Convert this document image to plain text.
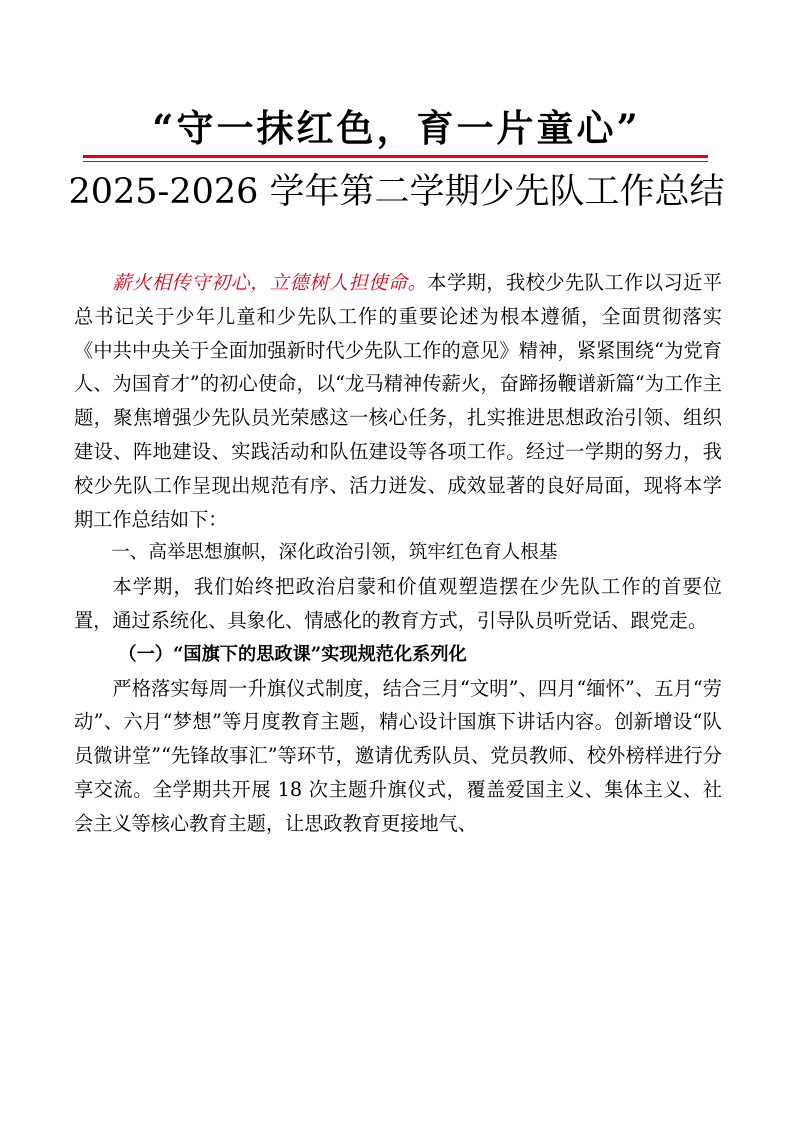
“守一抹红色，育一片童心”
2025-2026 学年第二学期少先队工作总结

薪火相传守初心，立德树人担使命。本学期，我校少先队工作以习近平总书记关于少年儿童和少先队工作的重要论述为根本遵循，全面贯彻落实《中共中央关于全面加强新时代少先队工作的意见》精神，紧紧围绕“为党育人、为国育才”的初心使命，以“龙马精神传薪火，奋蹄扬鞭谱新篇“为工作主题，聚焦增强少先队员光荣感这一核心任务，扎实推进思想政治引领、组织建设、阵地建设、实践活动和队伍建设等各项工作。经过一学期的努力，我校少先队工作呈现出规范有序、活力迸发、成效显著的良好局面，现将本学期工作总结如下：

一、高举思想旗帜，深化政治引领，筑牢红色育人根基

本学期，我们始终把政治启蒙和价值观塑造摆在少先队工作的首要位置，通过系统化、具象化、情感化的教育方式，引导队员听党话、跟党走。

（一）“国旗下的思政课”实现规范化系列化

严格落实每周一升旗仪式制度，结合三月“文明”、四月“缅怀”、五月“劳动”、六月“梦想”等月度教育主题，精心设计国旗下讲话内容。创新增设“队员微讲堂”“先锋故事汇”等环节，邀请优秀队员、党员教师、校外榜样进行分享交流。全学期共开展 18 次主题升旗仪式，覆盖爱国主义、集体主义、社会主义等核心教育主题，让思政教育更接地气、
